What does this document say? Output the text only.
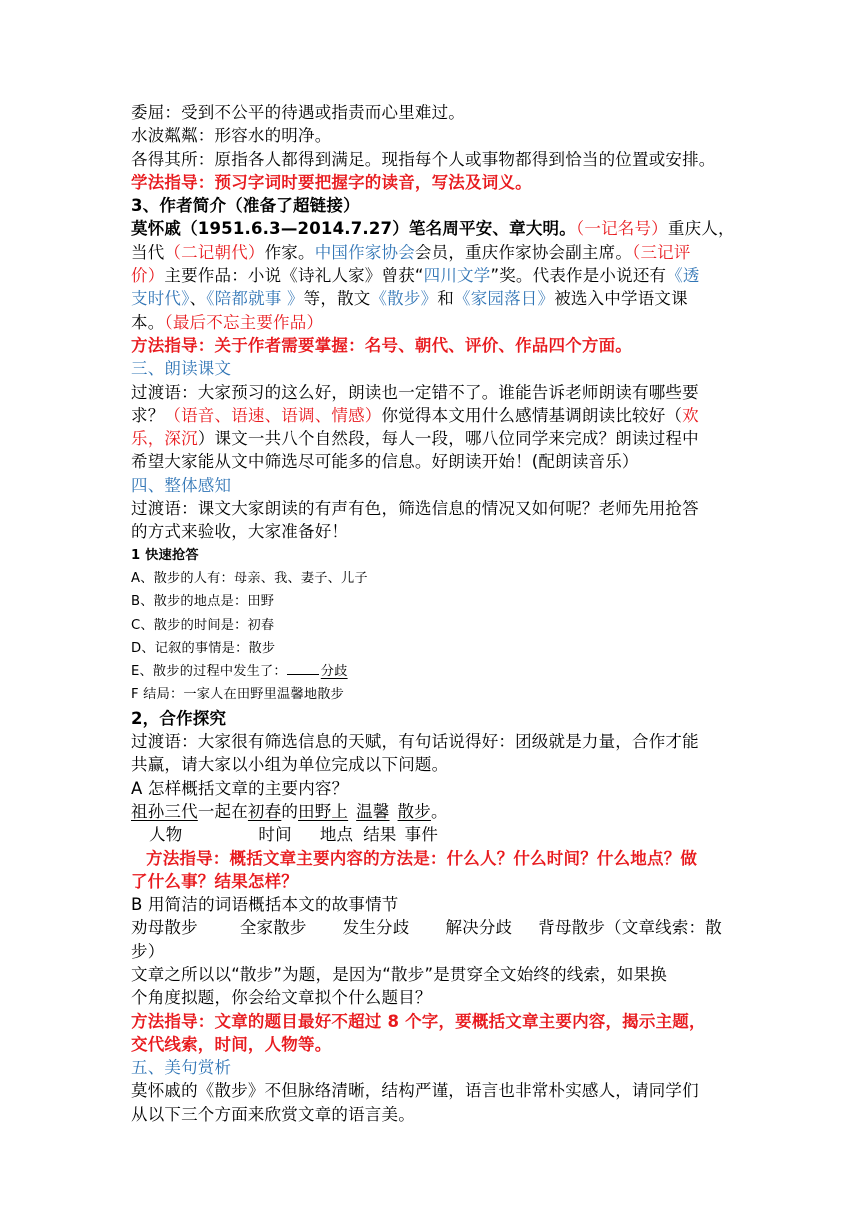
委屈：受到不公平的待遇或指责而心里难过。
水波粼粼：形容水的明净。
各得其所：原指各人都得到满足。现指每个人或事物都得到恰当的位置或安排。
学法指导：预习字词时要把握字的读音，写法及词义。
3、作者简介（准备了超链接）
莫怀戚（1951.6.3—2014.7.27）笔名周平安、章大明。（一记名号）重庆人，
当代（二记朝代）作家。中国作家协会会员，重庆作家协会副主席。（三记评
价）主要作品：小说《诗礼人家》曾获“四川文学”奖。代表作是小说还有《透
支时代》、《陪都就事 》等，散文《散步》和《家园落日》被选入中学语文课
本。（最后不忘主要作品）
方法指导：关于作者需要掌握：名号、朝代、评价、作品四个方面。
三、朗读课文
过渡语：大家预习的这么好，朗读也一定错不了。谁能告诉老师朗读有哪些要
求？（语音、语速、语调、情感）你觉得本文用什么感情基调朗读比较好（欢
乐，深沉）课文一共八个自然段，每人一段，哪八位同学来完成？朗读过程中
希望大家能从文中筛选尽可能多的信息。好朗读开始！(配朗读音乐）
四、整体感知
过渡语：课文大家朗读的有声有色，筛选信息的情况又如何呢？老师先用抢答
的方式来验收，大家准备好！
1 快速抢答
A、散步的人有：母亲、我、妻子、儿子
B、散步的地点是：田野
C、散步的时间是：初春
D、记叙的事情是：散步
E、散步的过程中发生了：	分歧
F 结局：一家人在田野里温馨地散步
2，合作探究
过渡语：大家很有筛选信息的天赋，有句话说得好：团级就是力量，合作才能
共赢，请大家以小组为单位完成以下问题。
A 怎样概括文章的主要内容？
祖孙三代一起在初春的田野上 温馨 散步。
人物	时间 地点 结果 事件
方法指导：概括文章主要内容的方法是：什么人？什么时间？什么地点？做
了什么事？结果怎样？
B 用简洁的词语概括本文的故事情节
劝母散步	全家散步 发生分歧 解决分歧 背母散步（文章线索：散
步）
文章之所以以“散步”为题，是因为“散步”是贯穿全文始终的线索，如果换
个角度拟题，你会给文章拟个什么题目？
方法指导：文章的题目最好不超过 8 个字，要概括文章主要内容，揭示主题，
交代线索，时间，人物等。
五、美句赏析
莫怀戚的《散步》不但脉络清晰，结构严谨，语言也非常朴实感人，请同学们
从以下三个方面来欣赏文章的语言美。
